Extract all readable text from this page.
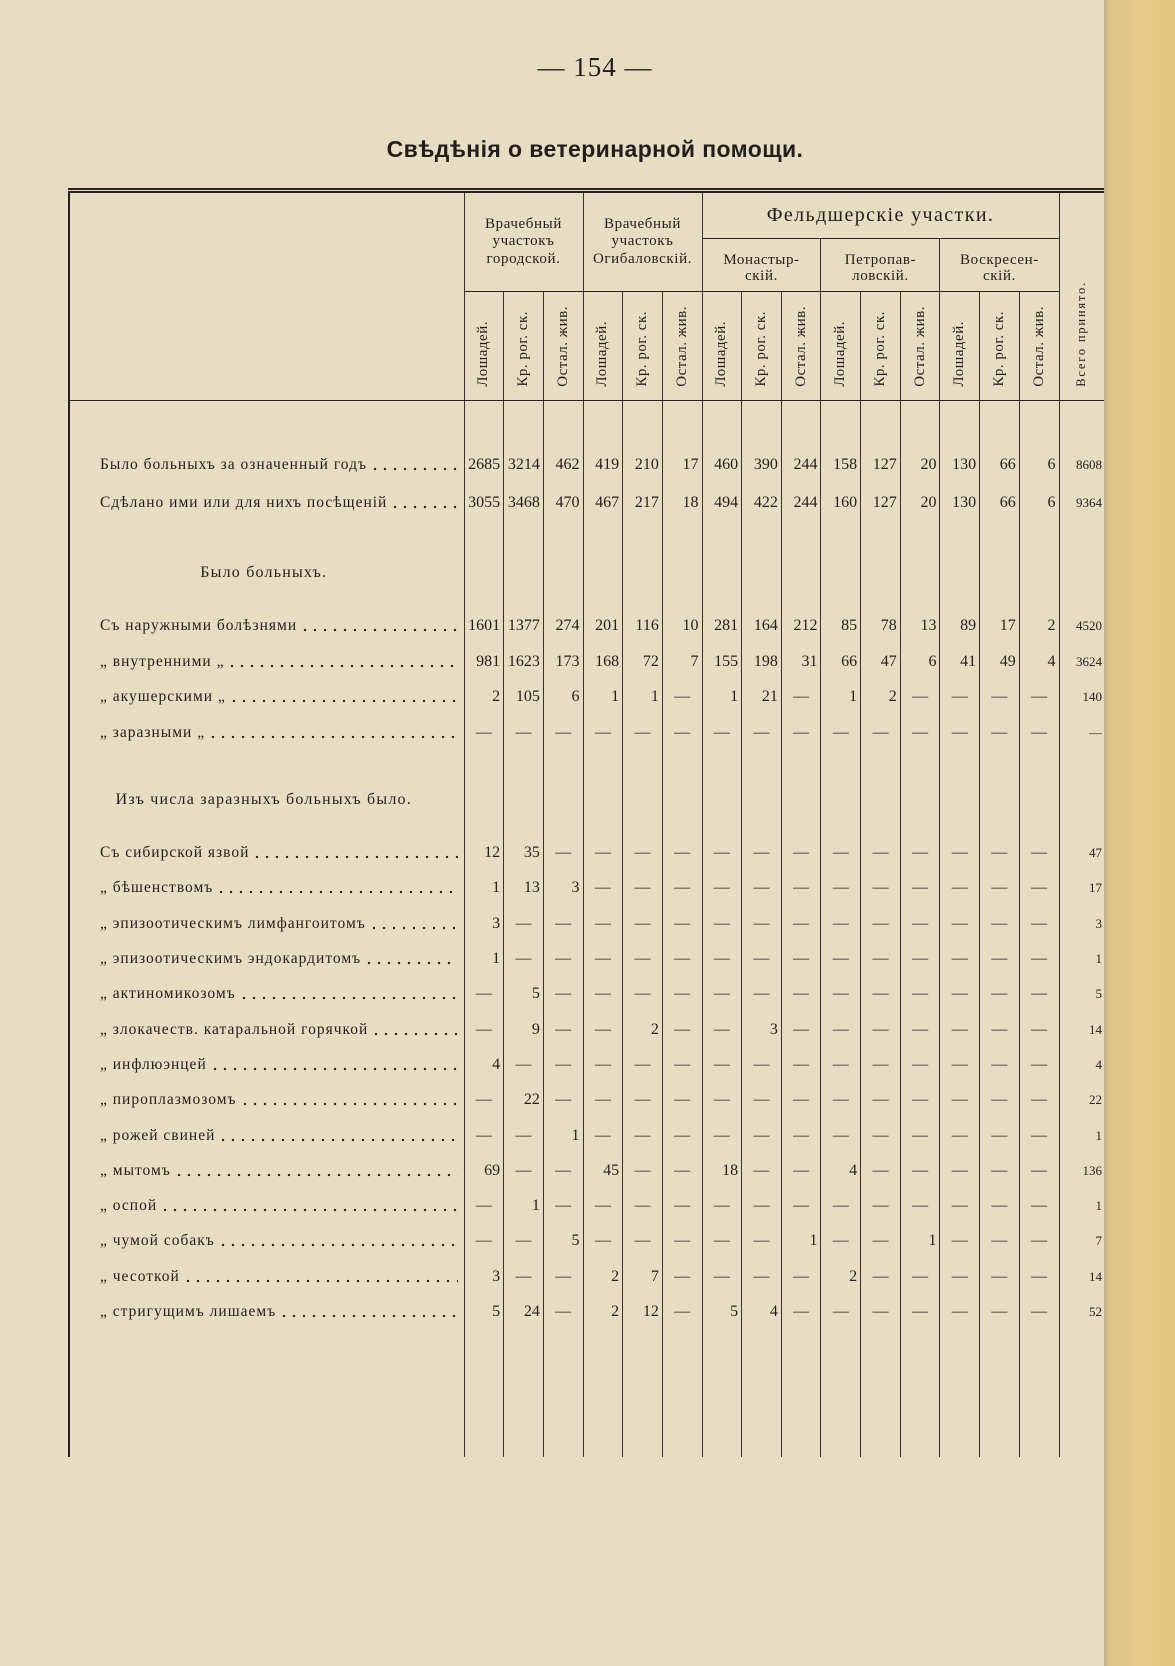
— 154 —
Свѣдѣнія о ветеринарной помощи.
	Врачебный
участокъ
городской.			Врачебный
участокъ
Огибаловскій.			Фельдшерскіе участки.									Всего принято.
							Монастыр-
скій.			Петропав-
ловскій.			Воскресен-
скій.			
	Лошадей.	Кр. рог. ск.	Остал. жив.	Лошадей.	Кр. рог. ск.	Остал. жив.	Лошадей.	Кр. рог. ск.	Остал. жив.	Лошадей.	Кр. рог. ск.	Остал. жив.	Лошадей.	Кр. рог. ск.	Остал. жив.	

Было больныхъ за означенный годъ	2685	3214	462	419	210	17	460	390	244	158	127	20	130	66	6	8608

Сдѣлано ими или для нихъ посѣщеній	3055	3468	470	467	217	18	494	422	244	160	127	20	130	66	6	9364

Было больныхъ.																

Съ наружными болѣзнями	1601	1377	274	201	116	10	281	164	212	85	78	13	89	17	2	4520

„ внутренними „	981	1623	173	168	72	7	155	198	31	66	47	6	41	49	4	3624

„ акушерскими „	2	105	6	1	1	—	1	21	—	1	2	—	—	—	—	140

„ заразными „	—	—	—	—	—	—	—	—	—	—	—	—	—	—	—	—

Изъ числа заразныхъ больныхъ было.																

Съ сибирской язвой	12	35	—	—	—	—	—	—	—	—	—	—	—	—	—	47

„ бѣшенствомъ	1	13	3	—	—	—	—	—	—	—	—	—	—	—	—	17

„ эпизоотическимъ лимфангоитомъ	3	—	—	—	—	—	—	—	—	—	—	—	—	—	—	3

„ эпизоотическимъ эндокардитомъ	1	—	—	—	—	—	—	—	—	—	—	—	—	—	—	1

„ актиномикозомъ	—	5	—	—	—	—	—	—	—	—	—	—	—	—	—	5

„ злокачеств. катаральной горячкой	—	9	—	—	2	—	—	3	—	—	—	—	—	—	—	14

„ инфлюэнцей	4	—	—	—	—	—	—	—	—	—	—	—	—	—	—	4

„ пироплазмозомъ	—	22	—	—	—	—	—	—	—	—	—	—	—	—	—	22

„ рожей свиней	—	—	1	—	—	—	—	—	—	—	—	—	—	—	—	1

„ мытомъ	69	—	—	45	—	—	18	—	—	4	—	—	—	—	—	136

„ оспой	—	1	—	—	—	—	—	—	—	—	—	—	—	—	—	1

„ чумой собакъ	—	—	5	—	—	—	—	—	1	—	—	1	—	—	—	7

„ чесоткой	3	—	—	2	7	—	—	—	—	2	—	—	—	—	—	14

„ стригущимъ лишаемъ	5	24	—	2	12	—	5	4	—	—	—	—	—	—	—	52
